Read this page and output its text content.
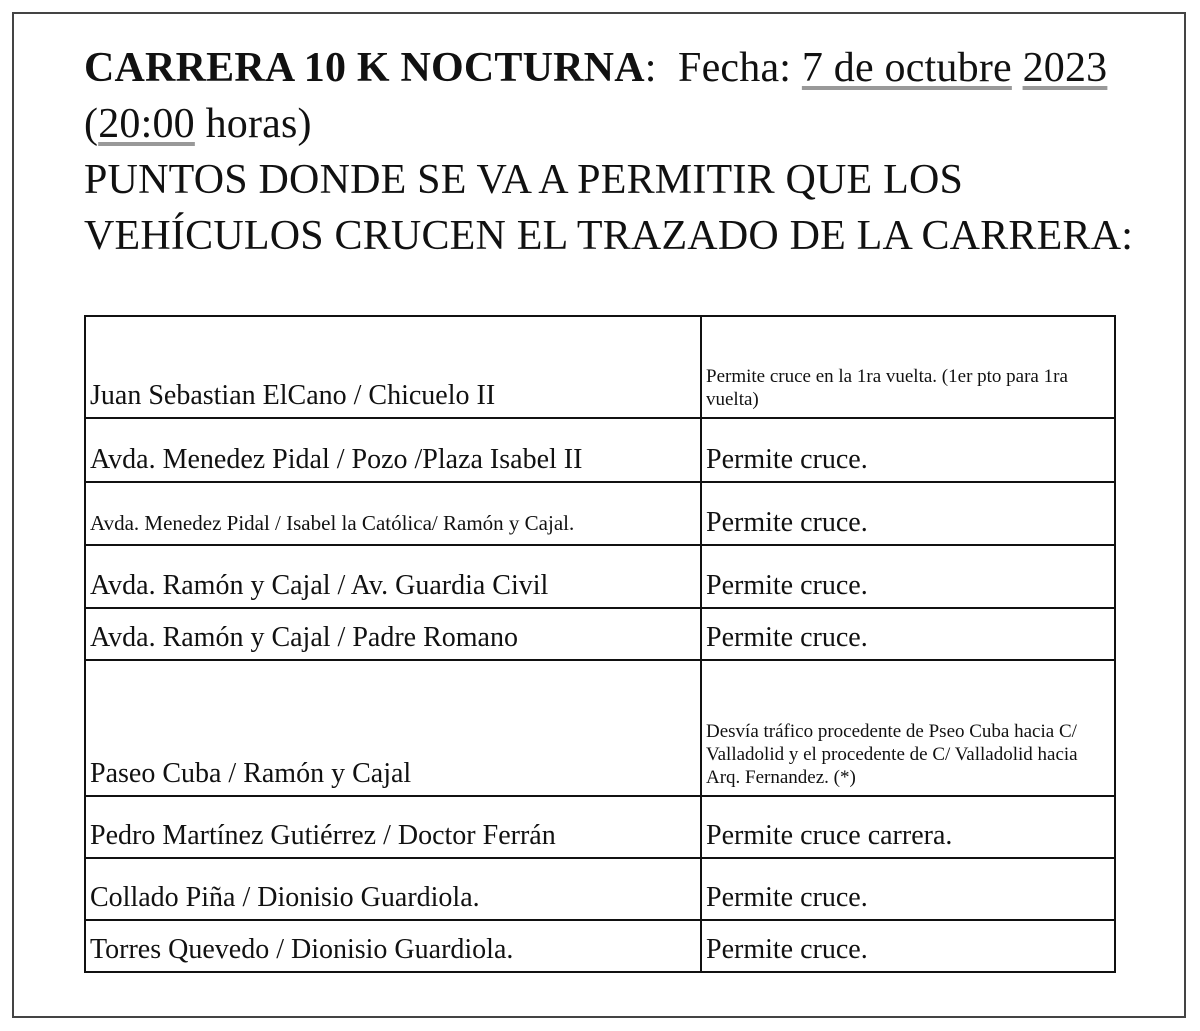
CARRERA 10 K NOCTURNA: Fecha: 7 de octubre 2023 (20:00 horas)
PUNTOS DONDE SE VA A PERMITIR QUE LOS VEHÍCULOS CRUCEN EL TRAZADO DE LA CARRERA:
Juan Sebastian ElCano / Chicuelo II	Permite cruce en la 1ra vuelta. (1er pto para 1ra vuelta)
Avda. Menedez Pidal / Pozo /Plaza Isabel II	Permite cruce.
Avda. Menedez Pidal / Isabel la Católica/ Ramón y Cajal.	Permite cruce.
Avda. Ramón y Cajal / Av. Guardia Civil	Permite cruce.
Avda. Ramón y Cajal / Padre Romano	Permite cruce.
Paseo Cuba / Ramón y Cajal	Desvía tráfico procedente de Pseo Cuba hacia C/ Valladolid y el procedente de C/ Valladolid hacia Arq. Fernandez. (*)
Pedro Martínez Gutiérrez / Doctor Ferrán	Permite cruce carrera.
Collado Piña / Dionisio Guardiola.	Permite cruce.
Torres Quevedo / Dionisio Guardiola.	Permite cruce.
